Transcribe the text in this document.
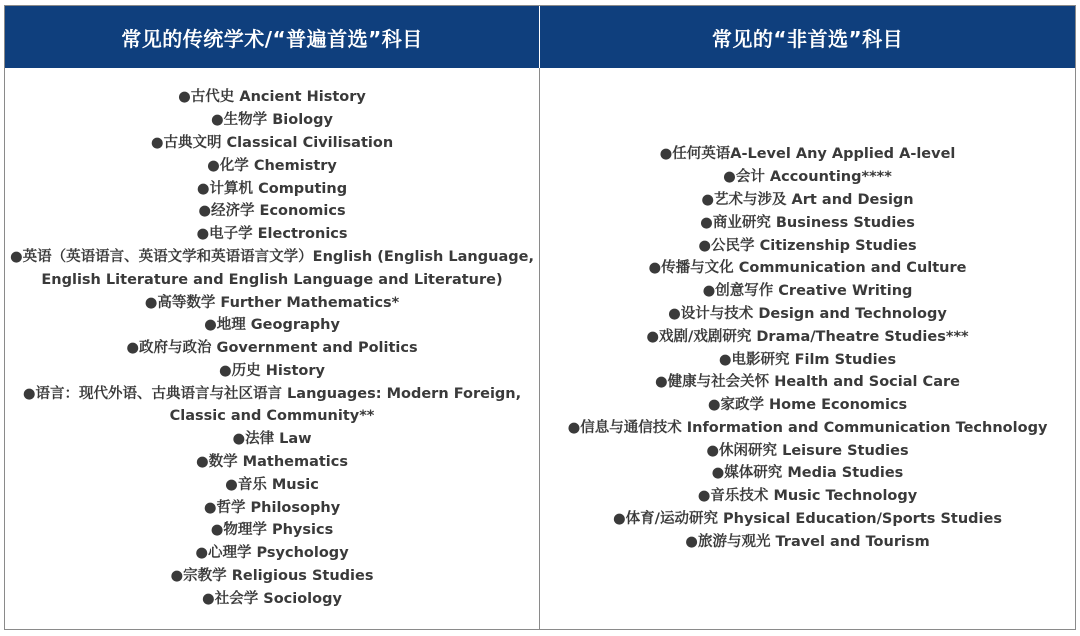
常见的传统学术/“普遍首选”科目	常见的“非首选”科目
●古代史 Ancient History
●生物学 Biology
●古典文明 Classical Civilisation
●化学 Chemistry
●计算机 Computing
●经济学 Economics
●电子学 Electronics
●英语（英语语言、英语文学和英语语言文学）English (English Language,
English Literature and English Language and Literature)
●高等数学 Further Mathematics*
●地理 Geography
●政府与政治 Government and Politics
●历史 History
●语言：现代外语、古典语言与社区语言 Languages: Modern Foreign,
Classic and Community**
●法律 Law
●数学 Mathematics
●音乐 Music
●哲学 Philosophy
●物理学 Physics
●心理学 Psychology
●宗教学 Religious Studies
●社会学 Sociology
●任何英语A-Level Any Applied A-level
●会计 Accounting****
●艺术与涉及 Art and Design
●商业研究 Business Studies
●公民学 Citizenship Studies
●传播与文化 Communication and Culture
●创意写作 Creative Writing
●设计与技术 Design and Technology
●戏剧/戏剧研究 Drama/Theatre Studies***
●电影研究 Film Studies
●健康与社会关怀 Health and Social Care
●家政学 Home Economics
●信息与通信技术 Information and Communication Technology
●休闲研究 Leisure Studies
●媒体研究 Media Studies
●音乐技术 Music Technology
●体育/运动研究 Physical Education/Sports Studies
●旅游与观光 Travel and Tourism
